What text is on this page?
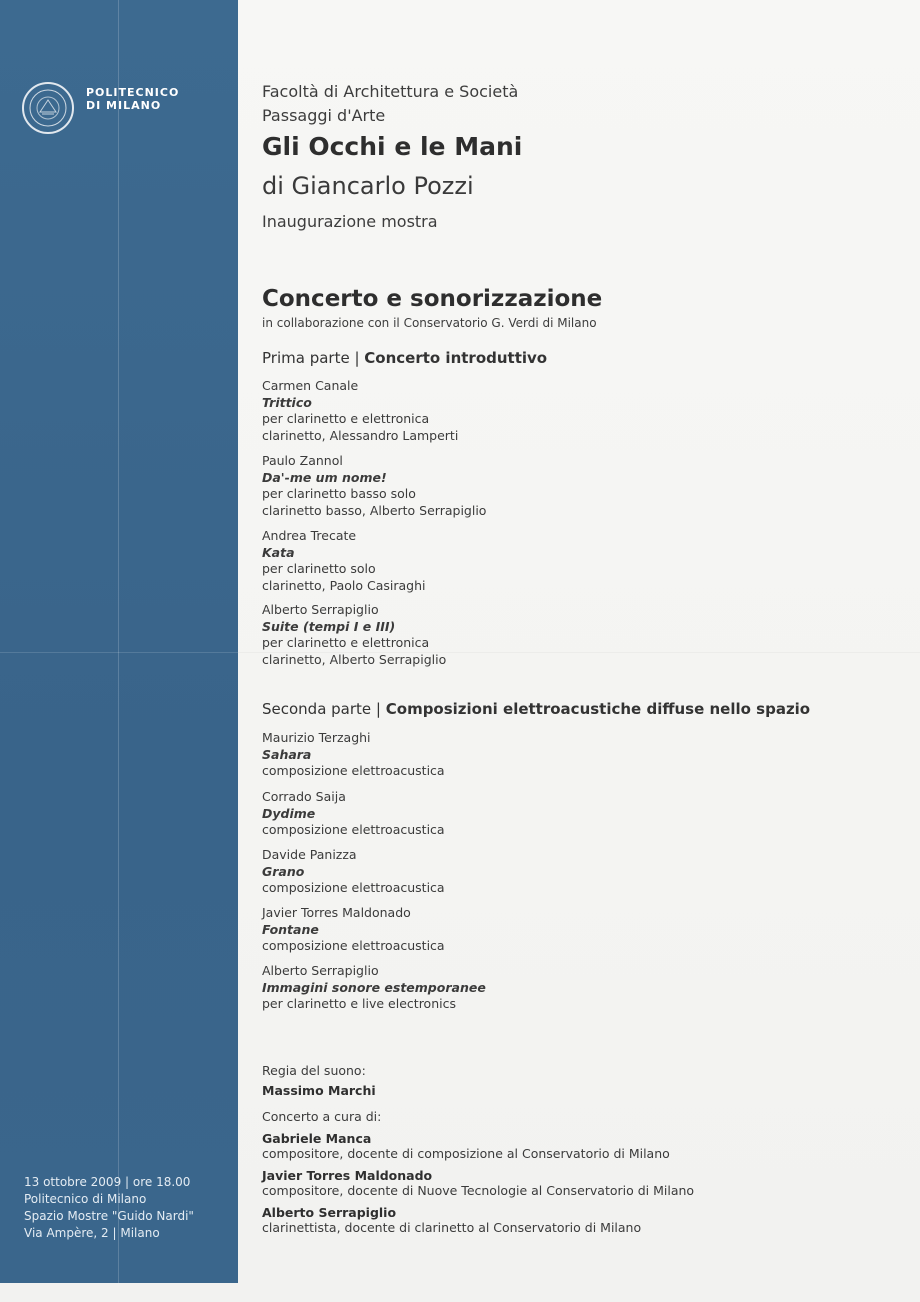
POLITECNICO
DI MILANO
13 ottobre 2009 | ore 18.00
Politecnico di Milano
Spazio Mostre "Guido Nardi"
Via Ampère, 2 | Milano
Facoltà di Architettura e Società
Passaggi d'Arte
Gli Occhi e le Mani
di Giancarlo Pozzi
Inaugurazione mostra
Concerto e sonorizzazione
in collaborazione con il Conservatorio G. Verdi di Milano
Prima parte | Concerto introduttivo
Carmen Canale
Trittico
per clarinetto e elettronica
clarinetto, Alessandro Lamperti
Paulo Zannol
Da'-me um nome!
per clarinetto basso solo
clarinetto basso, Alberto Serrapiglio
Andrea Trecate
Kata
per clarinetto solo
clarinetto, Paolo Casiraghi
Alberto Serrapiglio
Suite (tempi I e III)
per clarinetto e elettronica
clarinetto, Alberto Serrapiglio
Seconda parte | Composizioni elettroacustiche diffuse nello spazio
Maurizio Terzaghi
Sahara
composizione elettroacustica
Corrado Saija
Dydime
composizione elettroacustica
Davide Panizza
Grano
composizione elettroacustica
Javier Torres Maldonado
Fontane
composizione elettroacustica
Alberto Serrapiglio
Immagini sonore estemporanee
per clarinetto e live electronics
Regia del suono:
Massimo Marchi
Concerto a cura di:
Gabriele Manca
compositore, docente di composizione al Conservatorio di Milano
Javier Torres Maldonado
compositore, docente di Nuove Tecnologie al Conservatorio di Milano
Alberto Serrapiglio
clarinettista, docente di clarinetto al Conservatorio di Milano
